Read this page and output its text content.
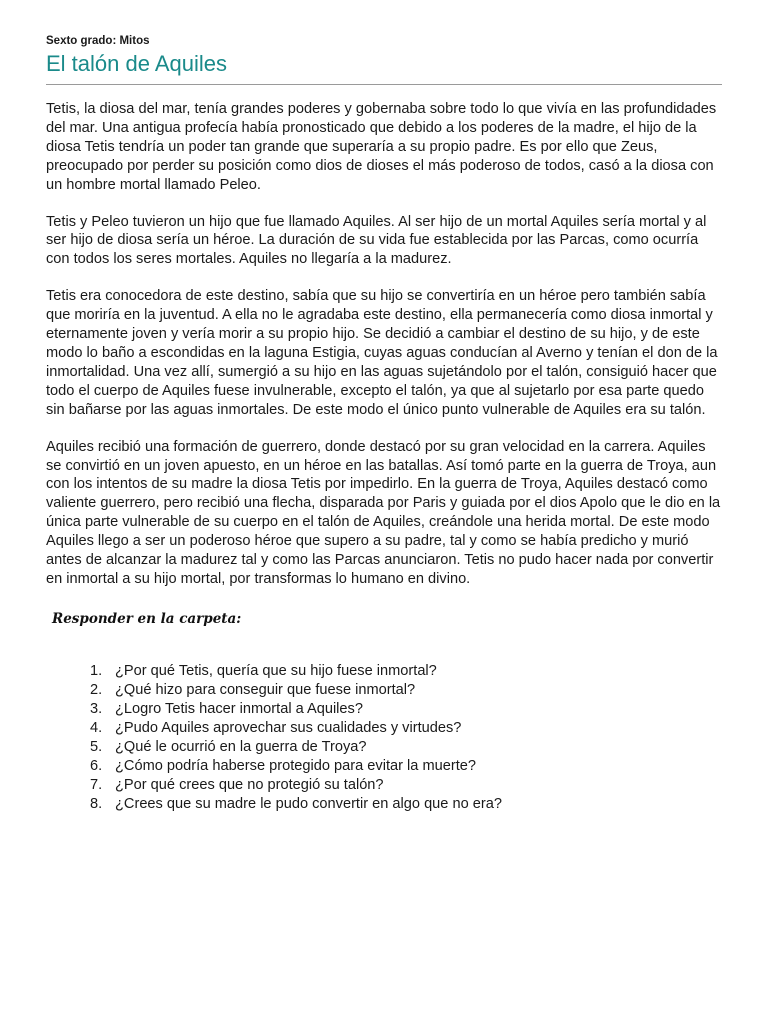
Sexto grado: Mitos

El talón de Aquiles

Tetis, la diosa del mar, tenía grandes poderes y gobernaba sobre todo lo que vivía en las profundidades del mar. Una antigua profecía había pronosticado que debido a los poderes de la madre, el hijo de la diosa Tetis tendría un poder tan grande que superaría a su propio padre. Es por ello que Zeus, preocupado por perder su posición como dios de dioses el más poderoso de todos, casó a la diosa con un hombre mortal llamado Peleo.

Tetis y Peleo tuvieron un hijo que fue llamado Aquiles. Al ser hijo de un mortal Aquiles sería mortal y al ser hijo de diosa sería un héroe. La duración de su vida fue establecida por las Parcas, como ocurría con todos los seres mortales. Aquiles no llegaría a la madurez.

Tetis era conocedora de este destino, sabía que su hijo se convertiría en un héroe pero también sabía que moriría en la juventud. A ella no le agradaba este destino, ella permanecería como diosa inmortal y eternamente joven y vería morir a su propio hijo. Se decidió a cambiar el destino de su hijo, y de este modo lo baño a escondidas en la laguna Estigia, cuyas aguas conducían al Averno y tenían el don de la inmortalidad. Una vez allí, sumergió a su hijo en las aguas sujetándolo por el talón, consiguió hacer que todo el cuerpo de Aquiles fuese invulnerable, excepto el talón, ya que al sujetarlo por esa parte quedo sin bañarse por las aguas inmortales. De este modo el único punto vulnerable de Aquiles era su talón.

Aquiles recibió una formación de guerrero, donde destacó por su gran velocidad en la carrera. Aquiles se convirtió en un joven apuesto, en un héroe en las batallas. Así tomó parte en la guerra de Troya, aun con los intentos de su madre la diosa Tetis por impedirlo. En la guerra de Troya, Aquiles destacó como valiente guerrero, pero recibió una flecha, disparada por Paris y guiada por el dios Apolo que le dio en la única parte vulnerable de su cuerpo en el talón de Aquiles, creándole una herida mortal. De este modo Aquiles llego a ser un poderoso héroe que supero a su padre, tal y como se había predicho y murió antes de alcanzar la madurez tal y como las Parcas anunciaron. Tetis no pudo hacer nada por convertir en inmortal a su hijo mortal, por transformas lo humano en divino.

Responder en la carpeta:
1. ¿Por qué Tetis, quería que su hijo fuese inmortal?
2. ¿Qué hizo para conseguir que fuese inmortal?
3. ¿Logro Tetis hacer inmortal a Aquiles?
4. ¿Pudo Aquiles aprovechar sus cualidades y virtudes?
5. ¿Qué le ocurrió en la guerra de Troya?
6. ¿Cómo podría haberse protegido para evitar la muerte?
7. ¿Por qué crees que no protegió su talón?
8. ¿Crees que su madre le pudo convertir en algo que no era?
